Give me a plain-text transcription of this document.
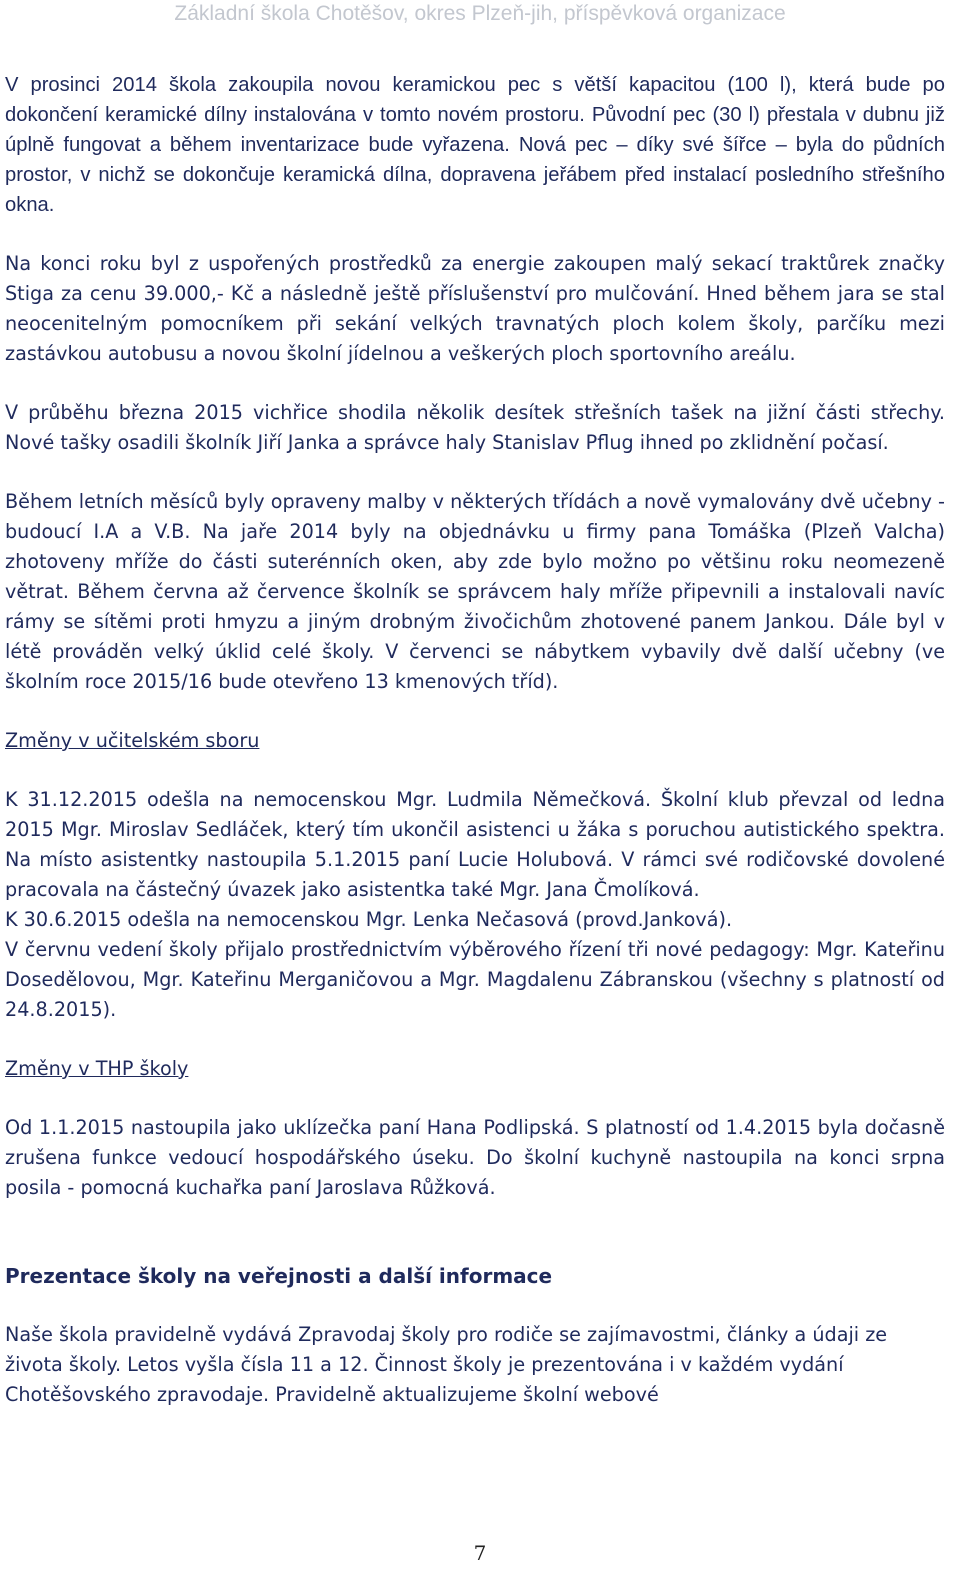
Základní škola Chotěšov, okres Plzeň-jih, příspěvková organizace

V prosinci 2014 škola zakoupila novou keramickou pec s větší kapacitou (100 l), která bude po dokončení keramické dílny instalována v tomto novém prostoru. Původní pec (30 l) přestala v dubnu již úplně fungovat a během inventarizace bude vyřazena. Nová pec – díky své šířce – byla do půdních prostor, v nichž se dokončuje keramická dílna, dopravena jeřábem před instalací posledního střešního okna.

Na konci roku byl z uspořených prostředků za energie zakoupen malý sekací traktůrek značky Stiga za cenu 39.000,- Kč a následně ještě příslušenství pro mulčování. Hned během jara se stal neocenitelným pomocníkem při sekání velkých travnatých ploch kolem školy, parčíku mezi zastávkou autobusu a novou školní jídelnou a veškerých ploch sportovního areálu.

V průběhu března 2015 vichřice shodila několik desítek střešních tašek na jižní části střechy. Nové tašky osadili školník Jiří Janka a správce haly Stanislav Pflug ihned po zklidnění počasí.

Během letních měsíců byly opraveny malby v některých třídách a nově vymalovány dvě učebny - budoucí I.A a V.B. Na jaře 2014 byly na objednávku u firmy pana Tomáška (Plzeň Valcha) zhotoveny mříže do části suterénních oken, aby zde bylo možno po většinu roku neomezeně větrat. Během června až července školník se správcem haly mříže připevnili a instalovali navíc rámy se sítěmi proti hmyzu a jiným drobným živočichům zhotovené panem Jankou. Dále byl v létě prováděn velký úklid celé školy. V červenci se nábytkem vybavily dvě další učebny (ve školním roce 2015/16 bude otevřeno 13 kmenových tříd).

Změny v učitelském sboru

K 31.12.2015 odešla na nemocenskou Mgr. Ludmila Němečková. Školní klub převzal od ledna 2015 Mgr. Miroslav Sedláček, který tím ukončil asistenci u žáka s poruchou autistického spektra. Na místo asistentky nastoupila 5.1.2015 paní Lucie Holubová. V rámci své rodičovské dovolené pracovala na částečný úvazek jako asistentka také Mgr. Jana Čmolíková.

K 30.6.2015 odešla na nemocenskou Mgr. Lenka Nečasová (provd.Janková).

V červnu vedení školy přijalo prostřednictvím výběrového řízení tři nové pedagogy: Mgr. Kateřinu Dosedělovou, Mgr. Kateřinu Merganičovou a Mgr. Magdalenu Zábranskou (všechny s platností od 24.8.2015).

Změny v THP školy

Od 1.1.2015 nastoupila jako uklízečka paní Hana Podlipská. S platností od 1.4.2015 byla dočasně zrušena funkce vedoucí hospodářského úseku. Do školní kuchyně nastoupila na konci srpna posila - pomocná kuchařka paní Jaroslava Růžková.

Prezentace školy na veřejnosti a další informace

Naše škola pravidelně vydává Zpravodaj školy pro rodiče se zajímavostmi, články a údaji ze života školy. Letos vyšla čísla 11 a 12. Činnost školy je prezentována i v každém vydání Chotěšovského zpravodaje. Pravidelně aktualizujeme školní webové

7
